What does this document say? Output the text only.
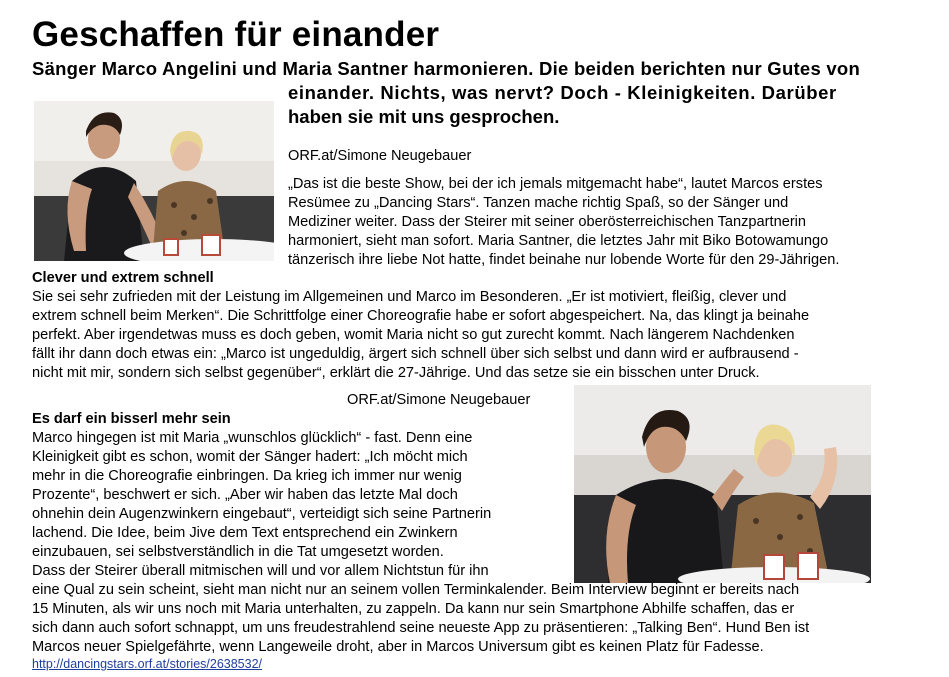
Geschaffen für einander
Sänger Marco Angelini und Maria Santner harmonieren. Die beiden berichten nur Gutes von
einander. Nichts, was nervt? Doch - Kleinigkeiten. Darüber
haben sie mit uns gesprochen.
ORF.at/Simone Neugebauer
„Das ist die beste Show, bei der ich jemals mitgemacht habe“, lautet Marcos erstes
Resümee zu „Dancing Stars“. Tanzen mache richtig Spaß, so der Sänger und
Mediziner weiter. Dass der Steirer mit seiner oberösterreichischen Tanzpartnerin
harmoniert, sieht man sofort. Maria Santner, die letztes Jahr mit Biko Botowamungo
tänzerisch ihre liebe Not hatte, findet beinahe nur lobende Worte für den 29-Jährigen.
Clever und extrem schnell
Sie sei sehr zufrieden mit der Leistung im Allgemeinen und Marco im Besonderen. „Er ist motiviert, fleißig, clever und
extrem schnell beim Merken“. Die Schrittfolge einer Choreografie habe er sofort abgespeichert. Na, das klingt ja beinahe
perfekt. Aber irgendetwas muss es doch geben, womit Maria nicht so gut zurecht kommt. Nach längerem Nachdenken
fällt ihr dann doch etwas ein: „Marco ist ungeduldig, ärgert sich schnell über sich selbst und dann wird er aufbrausend -
nicht mit mir, sondern sich selbst gegenüber“, erklärt die 27-Jährige. Und das setze sie ein bisschen unter Druck.
ORF.at/Simone Neugebauer
Es darf ein bisserl mehr sein
Marco hingegen ist mit Maria „wunschlos glücklich“ - fast. Denn eine
Kleinigkeit gibt es schon, womit der Sänger hadert: „Ich möcht mich
mehr in die Choreografie einbringen. Da krieg ich immer nur wenig
Prozente“, beschwert er sich. „Aber wir haben das letzte Mal doch
ohnehin dein Augenzwinkern eingebaut“, verteidigt sich seine Partnerin
lachend. Die Idee, beim Jive dem Text entsprechend ein Zwinkern
einzubauen, sei selbstverständlich in die Tat umgesetzt worden.
Dass der Steirer überall mitmischen will und vor allem Nichtstun für ihn
eine Qual zu sein scheint, sieht man nicht nur an seinem vollen Terminkalender. Beim Interview beginnt er bereits nach
15 Minuten, als wir uns noch mit Maria unterhalten, zu zappeln. Da kann nur sein Smartphone Abhilfe schaffen, das er
sich dann auch sofort schnappt, um uns freudestrahlend seine neueste App zu präsentieren: „Talking Ben“. Hund Ben ist
Marcos neuer Spielgefährte, wenn Langeweile droht, aber in Marcos Universum gibt es keinen Platz für Fadesse.
http://dancingstars.orf.at/stories/2638532/
